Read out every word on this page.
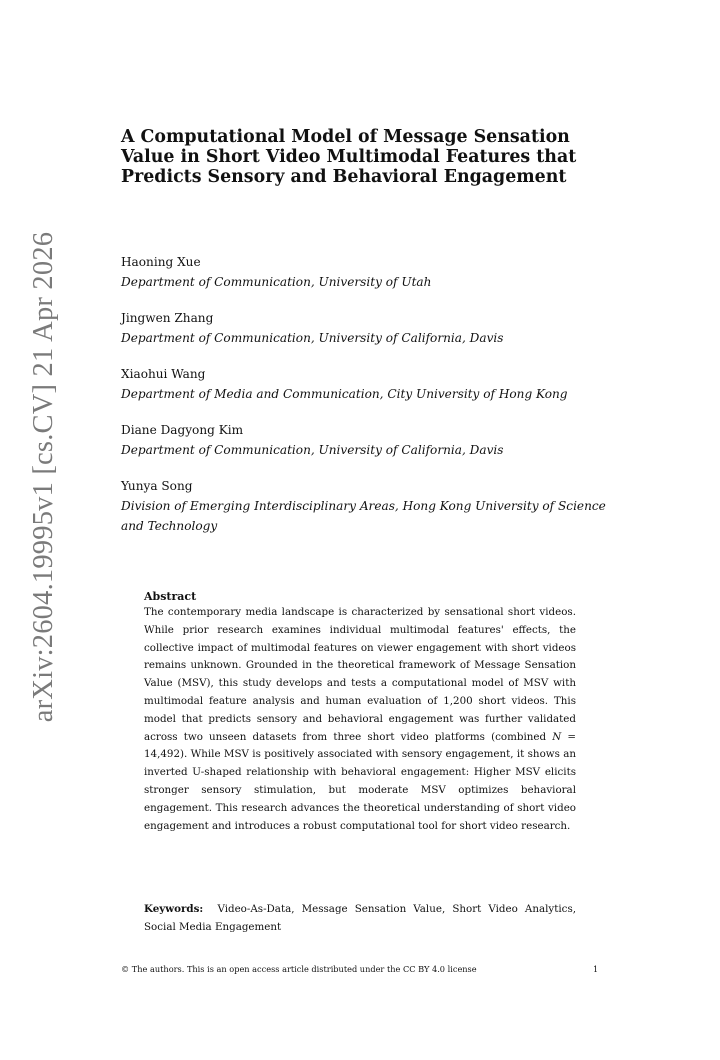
arXiv:2604.19995v1 [cs.CV] 21 Apr 2026
A Computational Model of Message Sensation Value in Short Video Multimodal Features that Predicts Sensory and Behavioral Engagement
Haoning Xue
Department of Communication, University of Utah
Jingwen Zhang
Department of Communication, University of California, Davis
Xiaohui Wang
Department of Media and Communication, City University of Hong Kong
Diane Dagyong Kim
Department of Communication, University of California, Davis
Yunya Song
Division of Emerging Interdisciplinary Areas, Hong Kong University of Science and Technology
Abstract

The contemporary media landscape is characterized by sensational short videos. While prior research examines individual multimodal features' effects, the collective impact of multimodal features on viewer engagement with short videos remains unknown. Grounded in the theoretical framework of Message Sensation Value (MSV), this study develops and tests a computational model of MSV with multimodal feature analysis and human evaluation of 1,200 short videos. This model that predicts sensory and behavioral engagement was further validated across two unseen datasets from three short video platforms (combined N = 14,492). While MSV is positively associated with sensory engagement, it shows an inverted U-shaped relationship with behavioral engagement: Higher MSV elicits stronger sensory stimulation, but moderate MSV optimizes behavioral engagement. This research advances the theoretical understanding of short video engagement and introduces a robust computational tool for short video research.

Keywords: Video-As-Data, Message Sensation Value, Short Video Analytics, Social Media Engagement

© The authors. This is an open access article distributed under the CC BY 4.0 license	1
